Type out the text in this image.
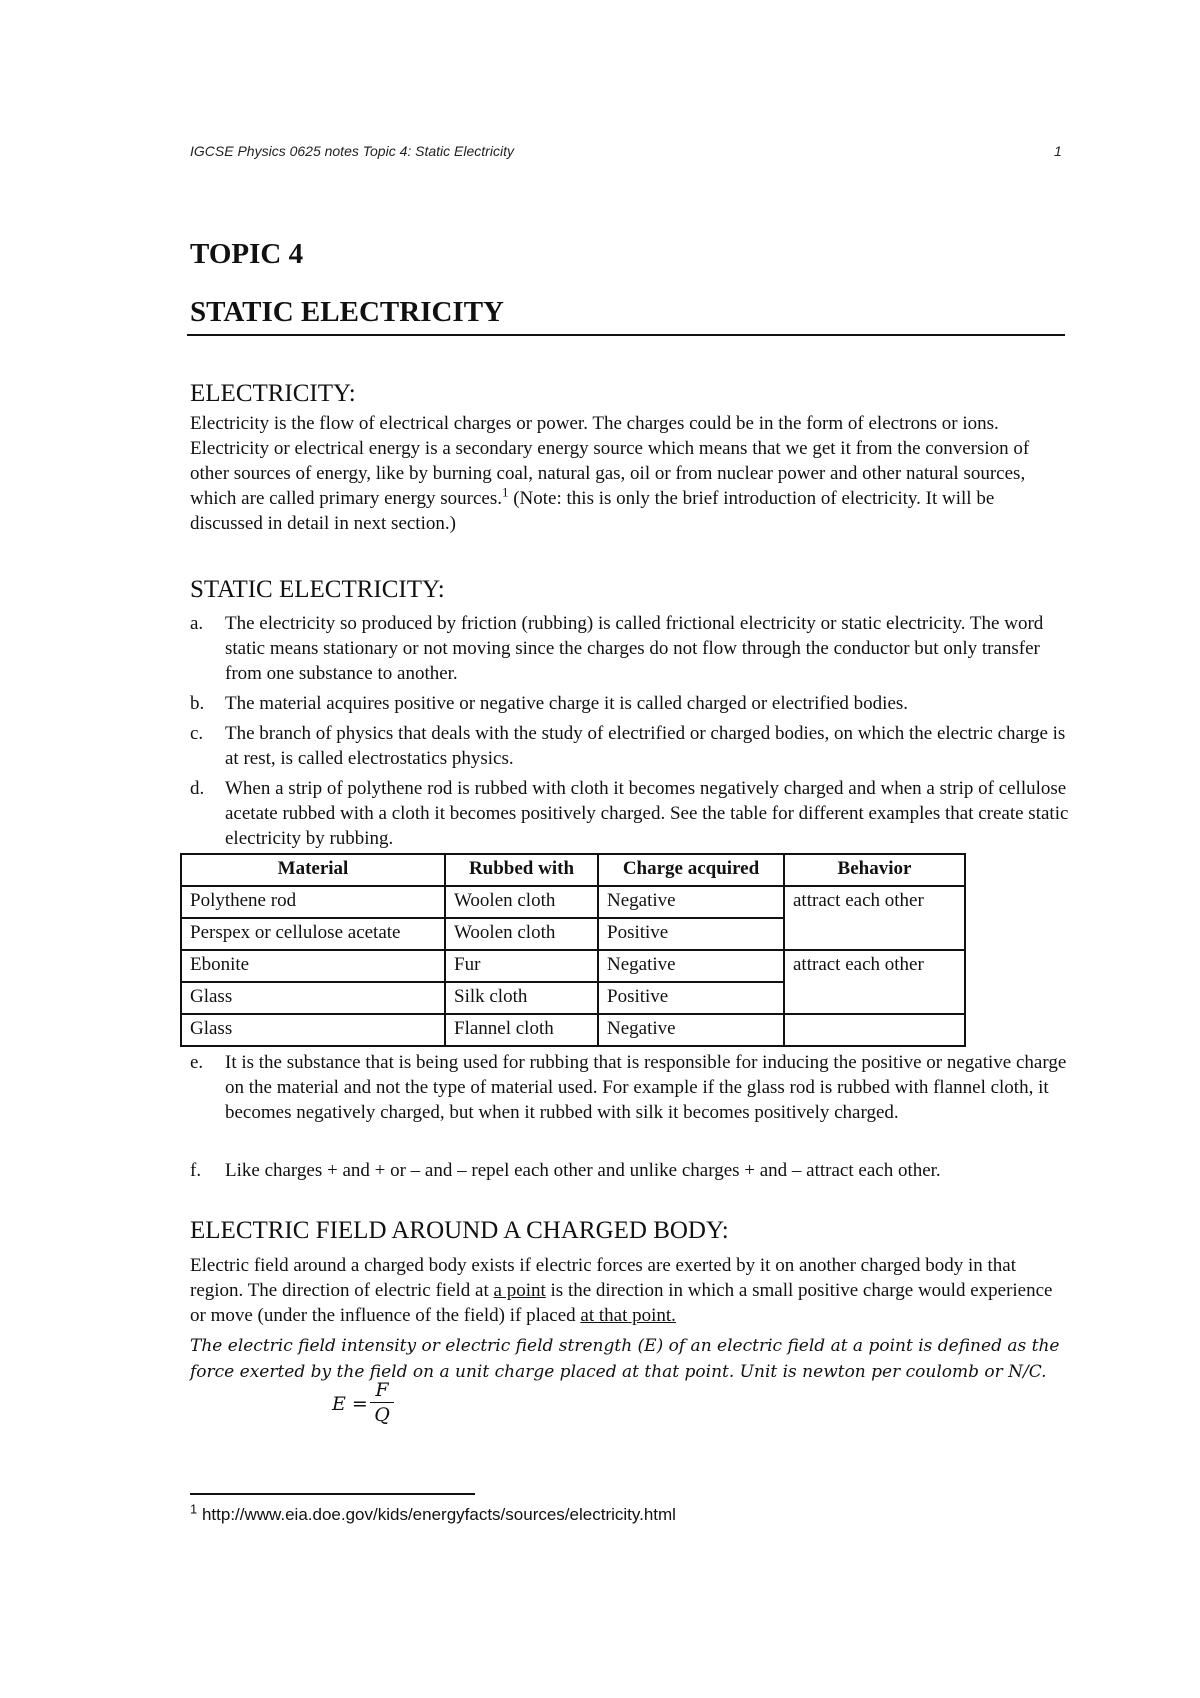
IGCSE Physics 0625 notes Topic 4: Static Electricity	1
TOPIC 4
STATIC ELECTRICITY
ELECTRICITY:
Electricity is the flow of electrical charges or power. The charges could be in the form of electrons or ions. Electricity or electrical energy is a secondary energy source which means that we get it from the conversion of other sources of energy, like by burning coal, natural gas, oil or from nuclear power and other natural sources, which are called primary energy sources.$^1$ (Note: this is only the brief introduction of electricity. It will be discussed in detail in next section.)
STATIC ELECTRICITY:
a.	The electricity so produced by friction (rubbing) is called frictional electricity or static electricity. The word static means stationary or not moving since the charges do not flow through the conductor but only transfer from one substance to another.
b.	The material acquires positive or negative charge it is called charged or electrified bodies.
c.	The branch of physics that deals with the study of electrified or charged bodies, on which the electric charge is at rest, is called electrostatics physics.
d.	When a strip of polythene rod is rubbed with cloth it becomes negatively charged and when a strip of cellulose acetate rubbed with a cloth it becomes positively charged. See the table for different examples that create static electricity by rubbing.
Material	Rubbed with	Charge acquired	Behavior
Polythene rod	Woolen cloth	Negative	attract each other
Perspex or cellulose acetate	Woolen cloth	Positive	
Ebonite	Fur	Negative	attract each other
Glass	Silk cloth	Positive	
Glass	Flannel cloth	Negative	
e.	It is the substance that is being used for rubbing that is responsible for inducing the positive or negative charge on the material and not the type of material used. For example if the glass rod is rubbed with flannel cloth, it becomes negatively charged, but when it rubbed with silk it becomes positively charged.
f.	Like charges + and + or – and – repel each other and unlike charges + and – attract each other.
ELECTRIC FIELD AROUND A CHARGED BODY:
Electric field around a charged body exists if electric forces are exerted by it on another charged body in that region. The direction of electric field at a point is the direction in which a small positive charge would experience or move (under the influence of the field) if placed at that point.
The electric field intensity or electric field strength (E) of an electric field at a point is defined as the force exerted by the field on a unit charge placed at that point. Unit is newton per coulomb or N/C.
E =
F
Q
$^1$ http://www.eia.doe.gov/kids/energyfacts/sources/electricity.html
